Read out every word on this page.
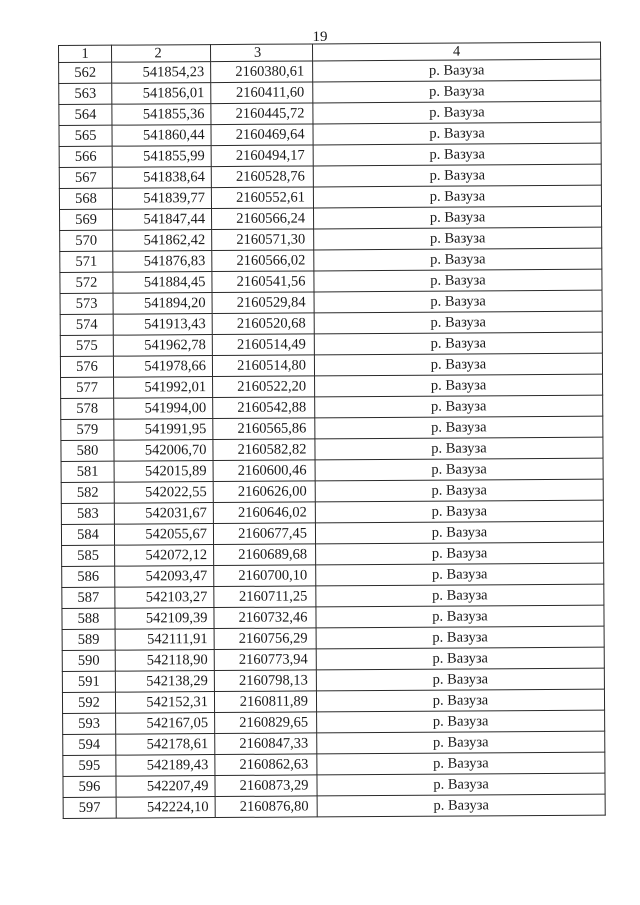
19
1	2	3	4
562	541854,23	2160380,61	р. Вазуза
563	541856,01	2160411,60	р. Вазуза
564	541855,36	2160445,72	р. Вазуза
565	541860,44	2160469,64	р. Вазуза
566	541855,99	2160494,17	р. Вазуза
567	541838,64	2160528,76	р. Вазуза
568	541839,77	2160552,61	р. Вазуза
569	541847,44	2160566,24	р. Вазуза
570	541862,42	2160571,30	р. Вазуза
571	541876,83	2160566,02	р. Вазуза
572	541884,45	2160541,56	р. Вазуза
573	541894,20	2160529,84	р. Вазуза
574	541913,43	2160520,68	р. Вазуза
575	541962,78	2160514,49	р. Вазуза
576	541978,66	2160514,80	р. Вазуза
577	541992,01	2160522,20	р. Вазуза
578	541994,00	2160542,88	р. Вазуза
579	541991,95	2160565,86	р. Вазуза
580	542006,70	2160582,82	р. Вазуза
581	542015,89	2160600,46	р. Вазуза
582	542022,55	2160626,00	р. Вазуза
583	542031,67	2160646,02	р. Вазуза
584	542055,67	2160677,45	р. Вазуза
585	542072,12	2160689,68	р. Вазуза
586	542093,47	2160700,10	р. Вазуза
587	542103,27	2160711,25	р. Вазуза
588	542109,39	2160732,46	р. Вазуза
589	542111,91	2160756,29	р. Вазуза
590	542118,90	2160773,94	р. Вазуза
591	542138,29	2160798,13	р. Вазуза
592	542152,31	2160811,89	р. Вазуза
593	542167,05	2160829,65	р. Вазуза
594	542178,61	2160847,33	р. Вазуза
595	542189,43	2160862,63	р. Вазуза
596	542207,49	2160873,29	р. Вазуза
597	542224,10	2160876,80	р. Вазуза
